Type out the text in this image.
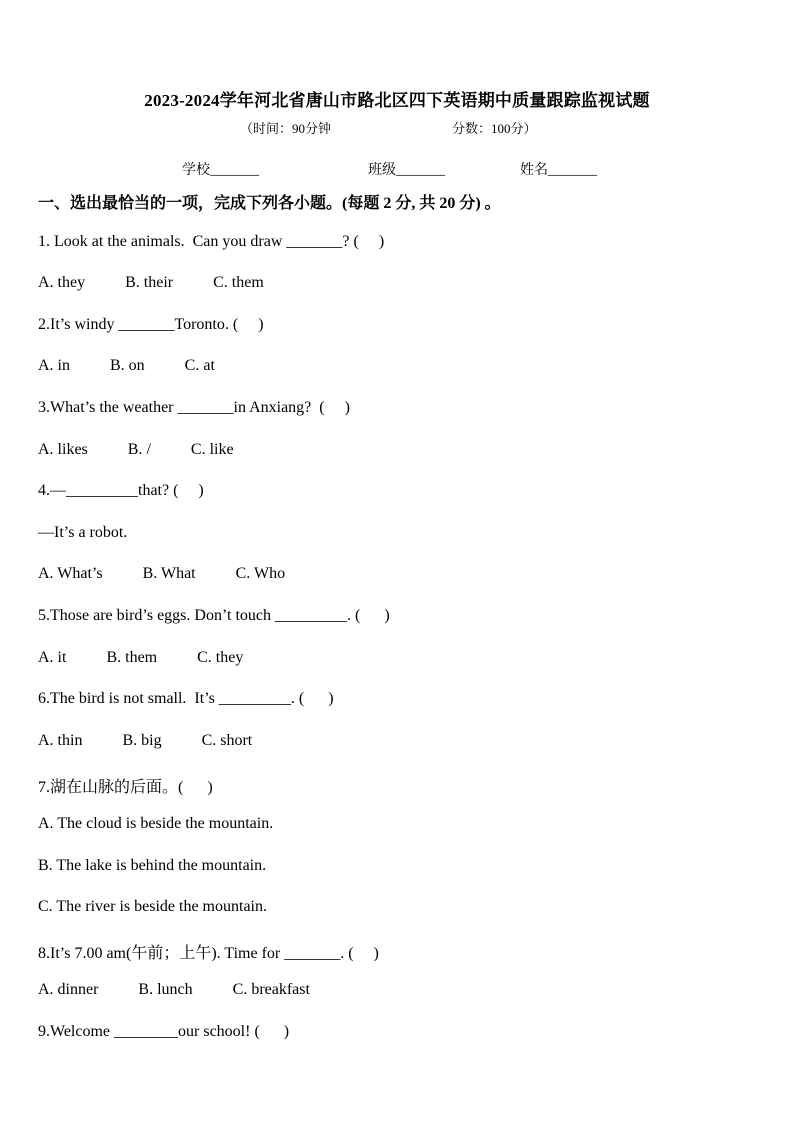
2023-2024学年河北省唐山市路北区四下英语期中质量跟踪监视试题
（时间：90分钟	分数：100分）
学校_______	班级_______	姓名_______
一、选出最恰当的一项，完成下列各小题。(每题 2 分, 共 20 分) 。
1. Look at the animals.  Can you draw _______? (     )
A. they          B. their          C. them
2.It’s windy _______Toronto. (     )
A. in          B. on          C. at
3.What’s the weather _______in Anxiang?  (     )
A. likes          B. /          C. like
4.—_________that? (     )
—It’s a robot.
A. What’s          B. What          C. Who
5.Those are bird’s eggs. Don’t touch _________. (      )
A. it          B. them          C. they
6.The bird is not small.  It’s _________. (      )
A. thin          B. big          C. short
7.湖在山脉的后面。(      )
A. The cloud is beside the mountain.
B. The lake is behind the mountain.
C. The river is beside the mountain.
8.It’s 7.00 am(午前；上午). Time for _______. (     )
A. dinner          B. lunch          C. breakfast
9.Welcome ________our school! (      )
